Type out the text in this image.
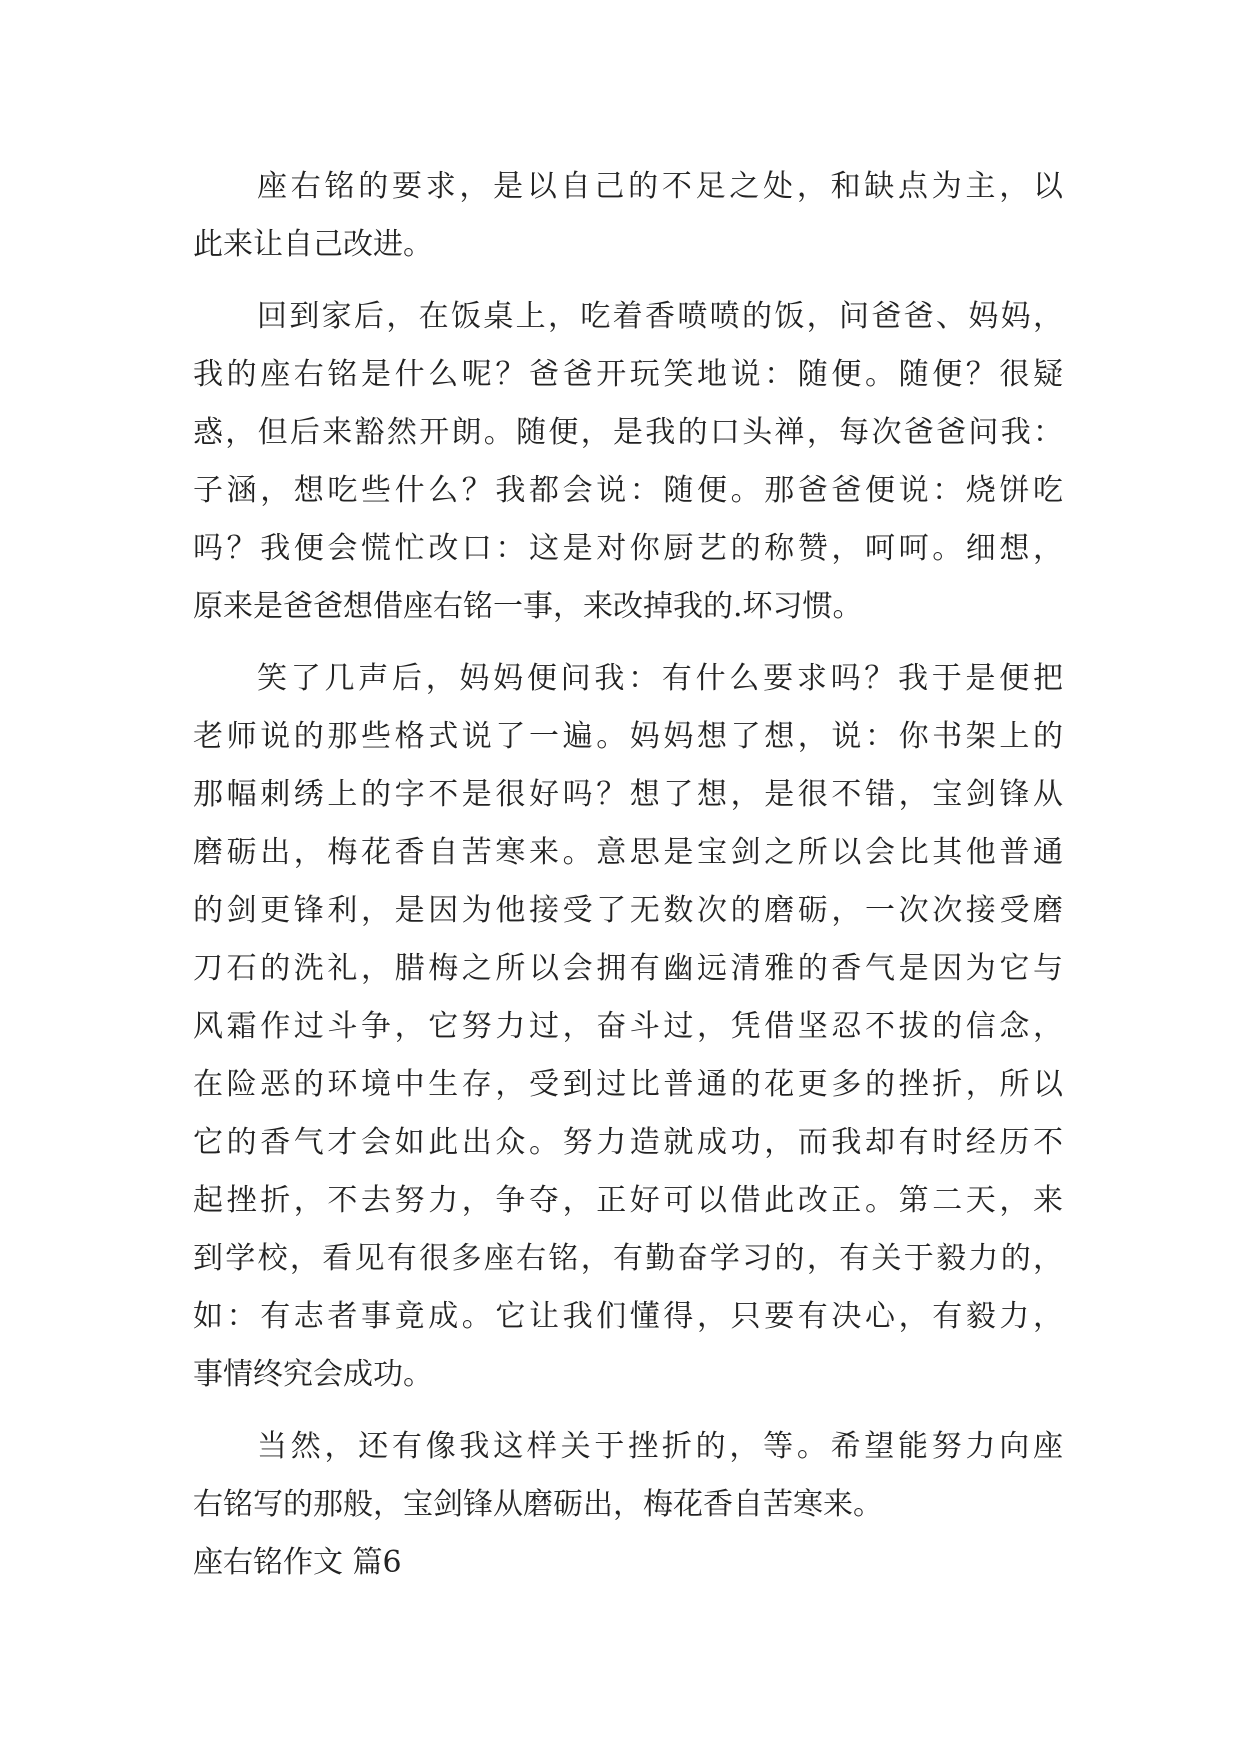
座右铭的要求，是以自己的不足之处，和缺点为主，以
此来让自己改进。
回到家后，在饭桌上，吃着香喷喷的饭，问爸爸、妈妈，
我的座右铭是什么呢？爸爸开玩笑地说：随便。随便？很疑
惑，但后来豁然开朗。随便，是我的口头禅，每次爸爸问我：
子涵，想吃些什么？我都会说：随便。那爸爸便说：烧饼吃
吗？我便会慌忙改口：这是对你厨艺的称赞，呵呵。细想，
原来是爸爸想借座右铭一事，来改掉我的.坏习惯。
笑了几声后，妈妈便问我：有什么要求吗？我于是便把
老师说的那些格式说了一遍。妈妈想了想，说：你书架上的
那幅刺绣上的字不是很好吗？想了想，是很不错，宝剑锋从
磨砺出，梅花香自苦寒来。意思是宝剑之所以会比其他普通
的剑更锋利，是因为他接受了无数次的磨砺，一次次接受磨
刀石的洗礼，腊梅之所以会拥有幽远清雅的香气是因为它与
风霜作过斗争，它努力过，奋斗过，凭借坚忍不拔的信念，
在险恶的环境中生存，受到过比普通的花更多的挫折，所以
它的香气才会如此出众。努力造就成功，而我却有时经历不
起挫折，不去努力，争夺，正好可以借此改正。第二天，来
到学校，看见有很多座右铭，有勤奋学习的，有关于毅力的，
如：有志者事竟成。它让我们懂得，只要有决心，有毅力，
事情终究会成功。
当然，还有像我这样关于挫折的，等。希望能努力向座
右铭写的那般，宝剑锋从磨砺出，梅花香自苦寒来。
座右铭作文 篇6
